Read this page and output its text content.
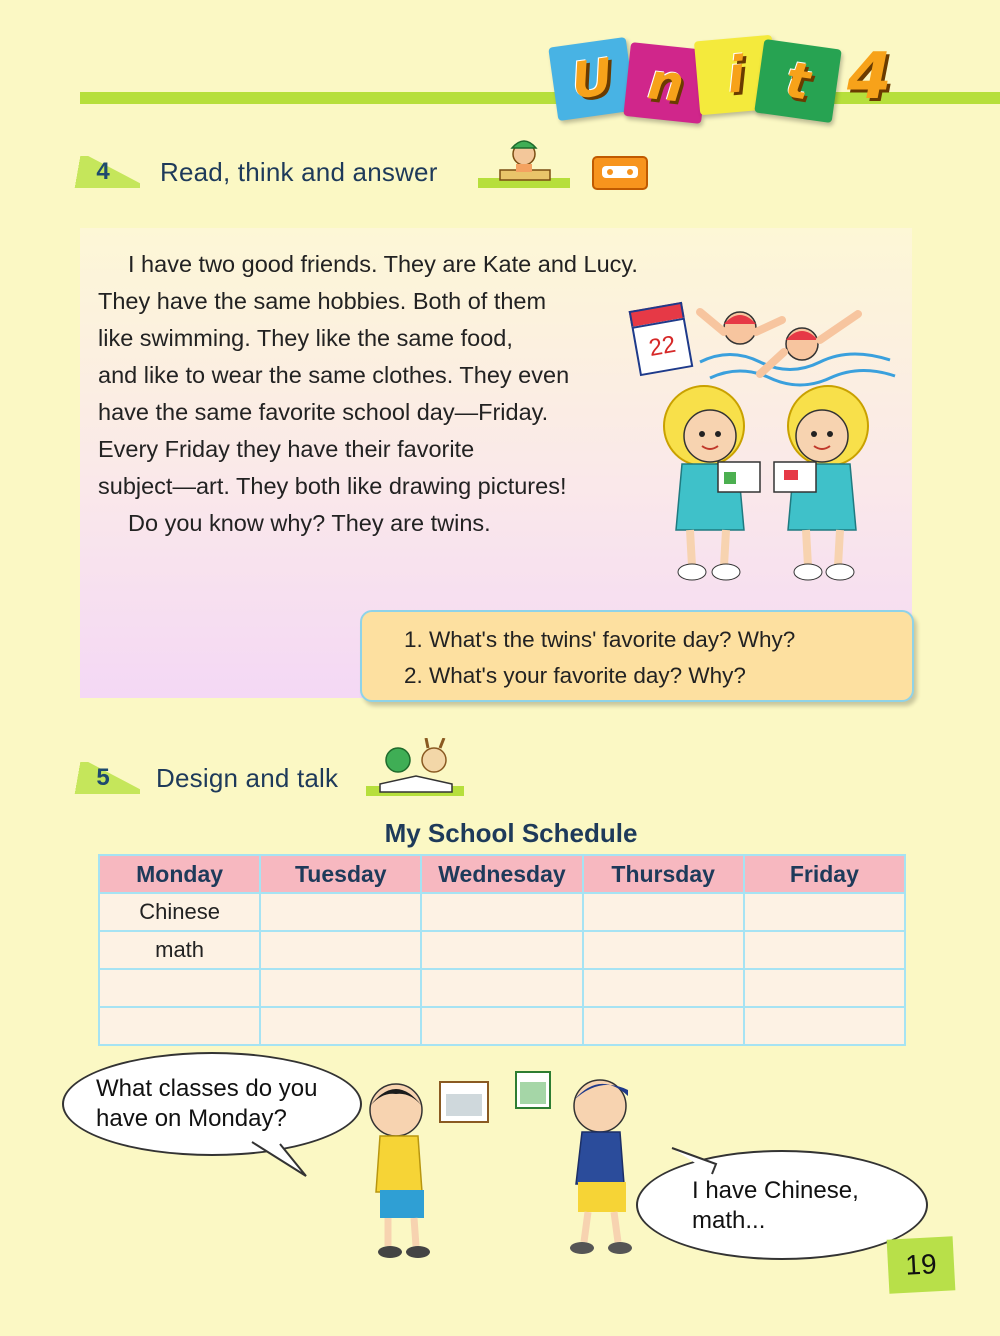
U n i t 4
4	Read, think and answer

I have two good friends. They are Kate and Lucy.

They have the same hobbies. Both of them

like swimming. They like the same food,

and like to wear the same clothes. They even

have the same favorite school day—Friday.

Every Friday they have their favorite

subject—art. They both like drawing pictures!

Do you know why? They are twins.

22

1. What's the twins' favorite day? Why?

2. What's your favorite day? Why?

5	Design and talk
My School Schedule
Monday	Tuesday	Wednesday	Thursday	Friday
Chinese				
math				

What classes do you

have on Monday?

I have Chinese,

math...

19
